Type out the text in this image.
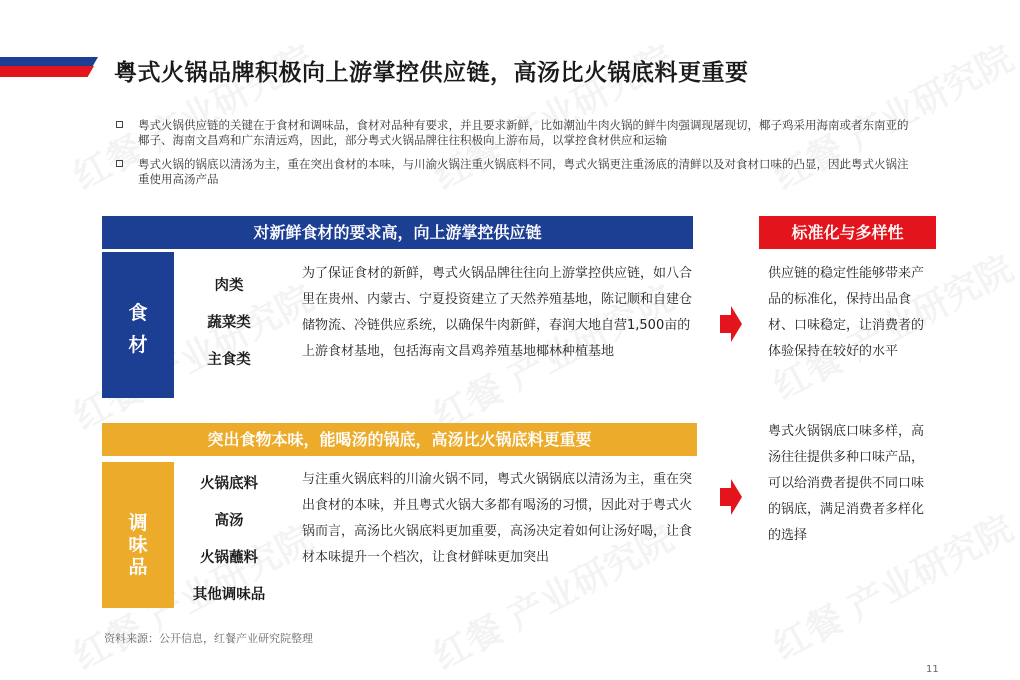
粤式火锅品牌积极向上游掌控供应链，高汤比火锅底料更重要
粤式火锅供应链的关键在于食材和调味品，食材对品种有要求，并且要求新鲜，比如潮汕牛肉火锅的鲜牛肉强调现屠现切，椰子鸡采用海南或者东南亚的椰子、海南文昌鸡和广东清远鸡，因此，部分粤式火锅品牌往往积极向上游布局，以掌控食材供应和运输
粤式火锅的锅底以清汤为主，重在突出食材的本味，与川渝火锅注重火锅底料不同，粤式火锅更注重汤底的清鲜以及对食材口味的凸显，因此粤式火锅注重使用高汤产品
对新鲜食材的要求高，向上游掌控供应链
食
材
肉类
蔬菜类
主食类
为了保证食材的新鲜，粤式火锅品牌往往向上游掌控供应链，如八合里在贵州、内蒙古、宁夏投资建立了天然养殖基地，陈记顺和自建仓储物流、冷链供应系统，以确保牛肉新鲜，春润大地自营1,500亩的上游食材基地，包括海南文昌鸡养殖基地椰林种植基地
突出食物本味，能喝汤的锅底，高汤比火锅底料更重要
调
味
品
火锅底料
高汤
火锅蘸料
其他调味品
与注重火锅底料的川渝火锅不同，粤式火锅锅底以清汤为主，重在突出食材的本味，并且粤式火锅大多都有喝汤的习惯，因此对于粤式火锅而言，高汤比火锅底料更加重要，高汤决定着如何让汤好喝，让食材本味提升一个档次，让食材鲜味更加突出
标准化与多样性
供应链的稳定性能够带来产品的标准化，保持出品食材、口味稳定，让消费者的体验保持在较好的水平
粤式火锅锅底口味多样，高汤往往提供多种口味产品，可以给消费者提供不同口味的锅底，满足消费者多样化的选择
资料来源：公开信息，红餐产业研究院整理
11
